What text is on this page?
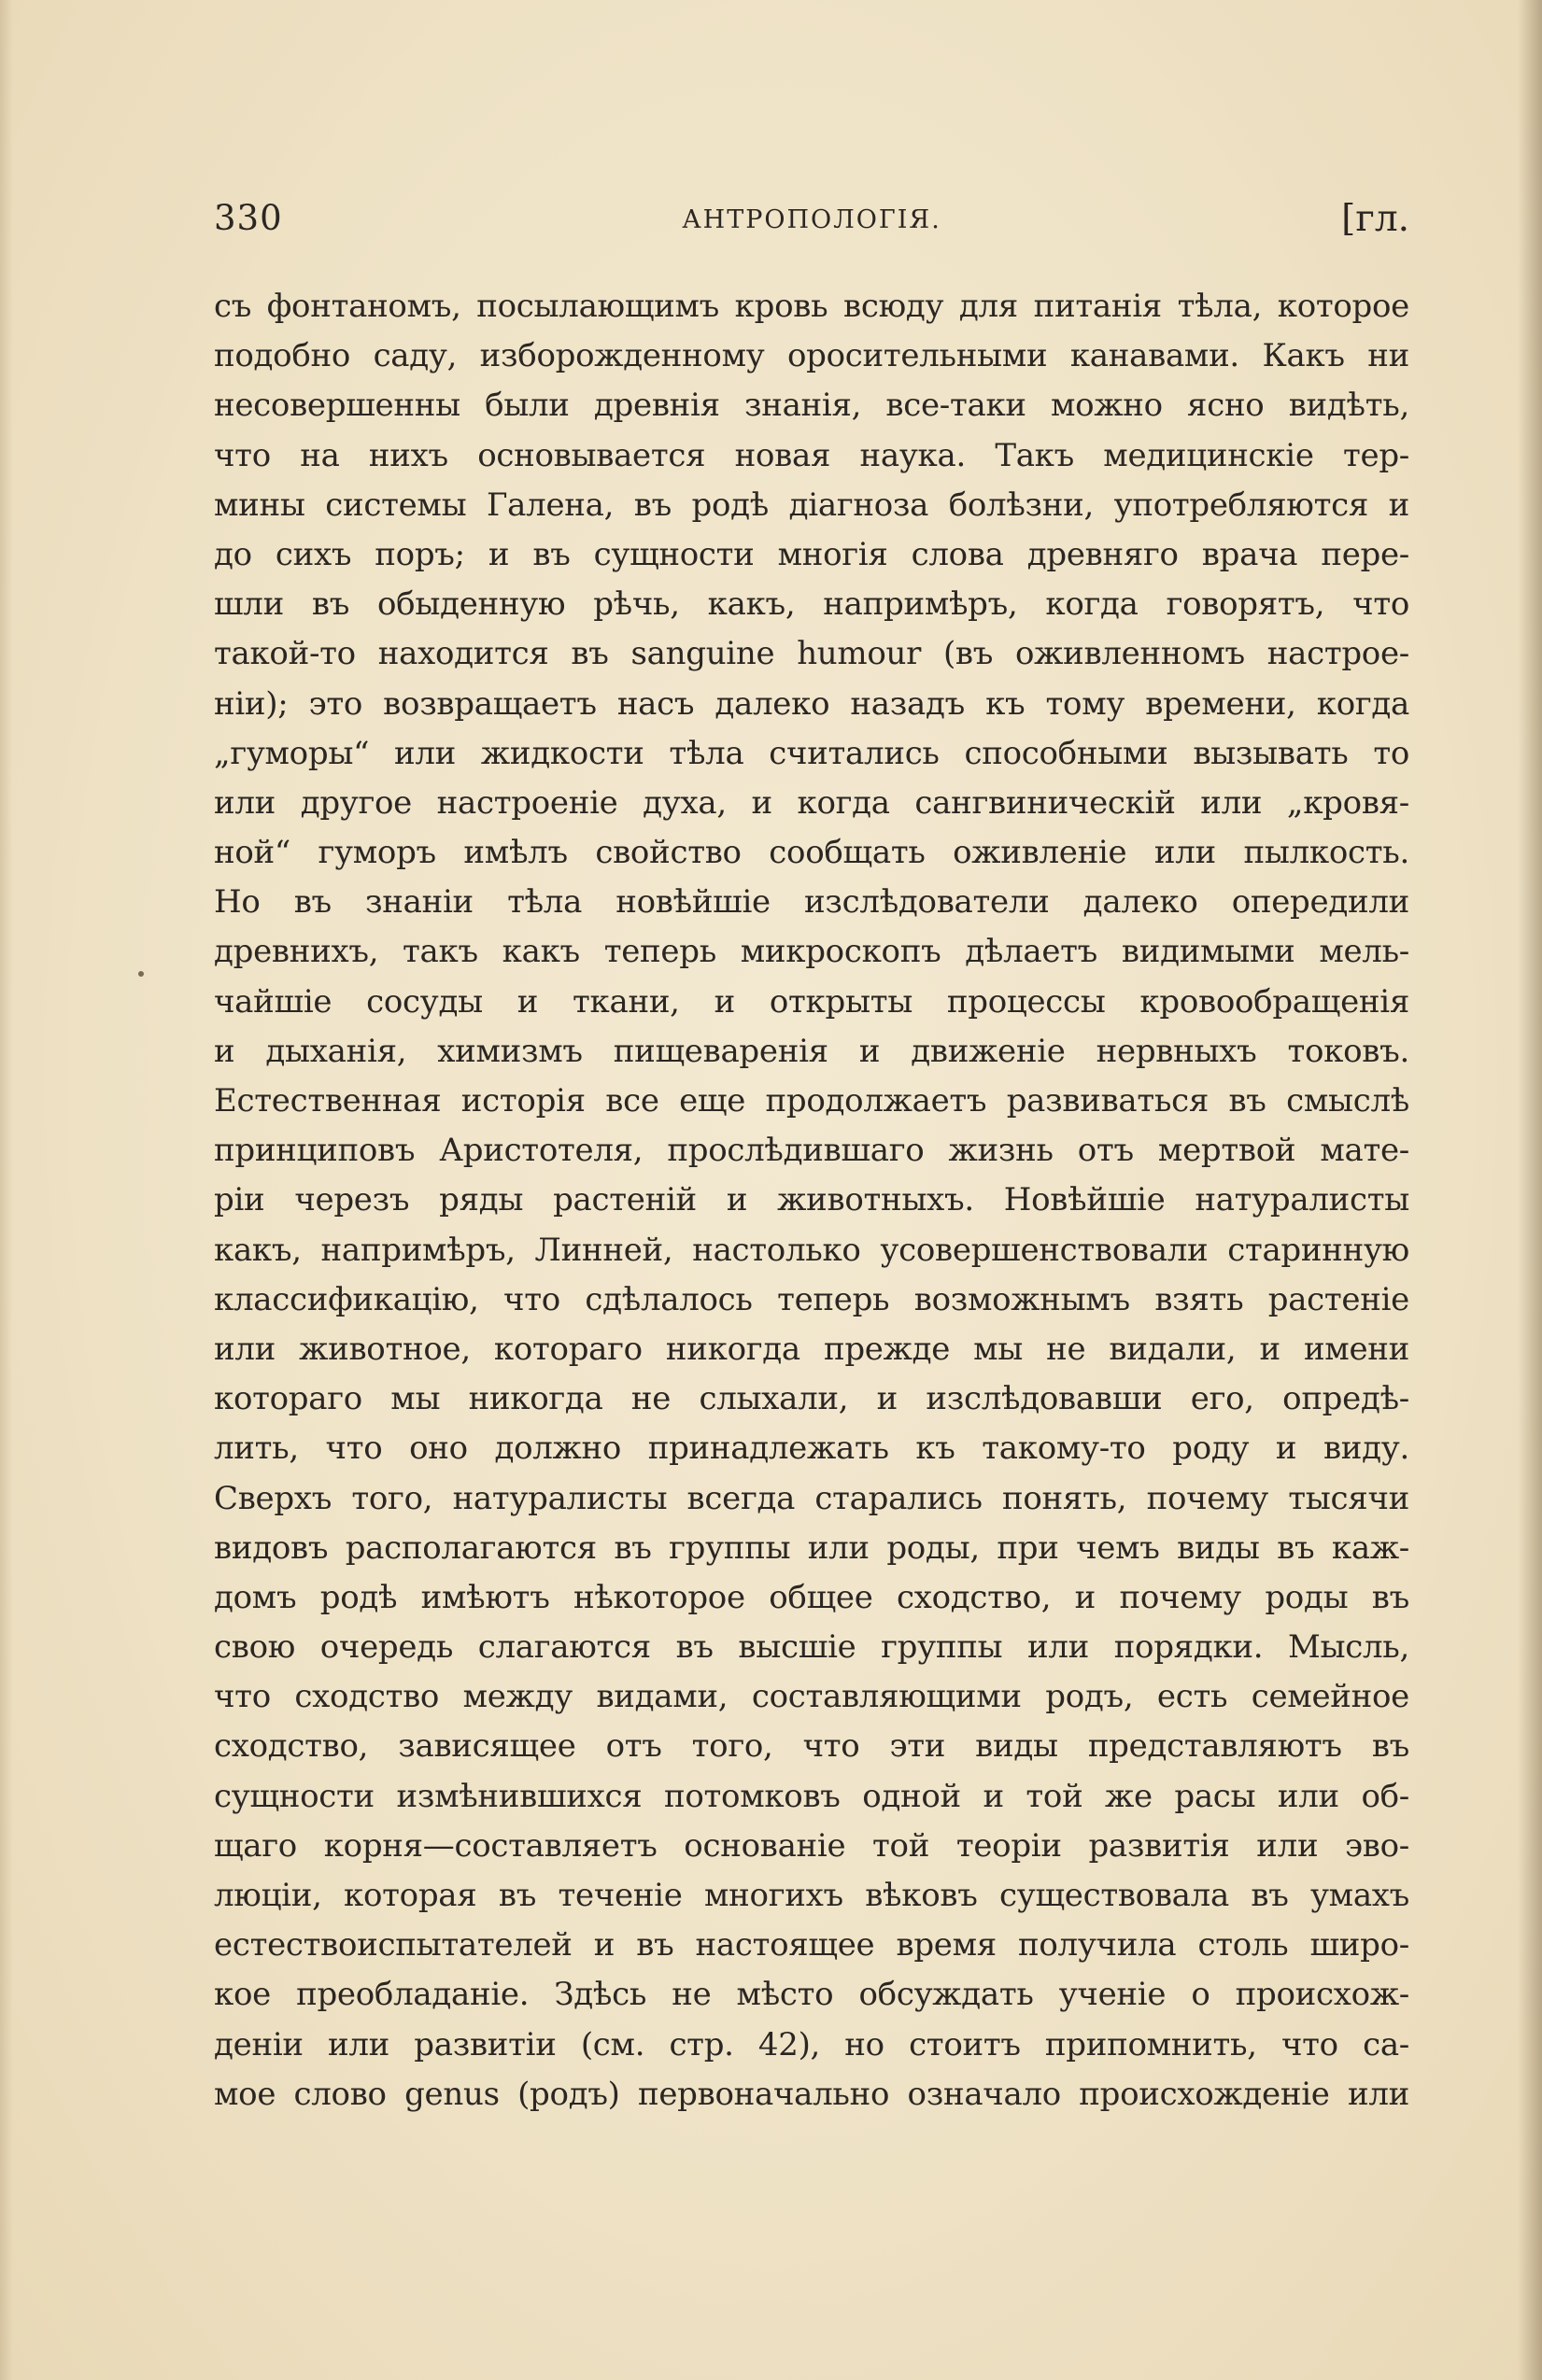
330	АНТРОПОЛОГІЯ.	[гл.
съ фонтаномъ, посылающимъ кровь всюду для питанія тѣла, которое
подобно саду, изборожденному оросительными канавами. Какъ ни
несовершенны были древнія знанія, все-таки можно ясно видѣть,
что на нихъ основывается новая наука. Такъ медицинскіе тер-
мины системы Галена, въ родѣ діагноза болѣзни, употребляются и
до сихъ поръ; и въ сущности многія слова древняго врача пере-
шли въ обыденную рѣчь, какъ, напримѣръ, когда говорятъ, что
такой-то находится въ sanguine humour (въ оживленномъ настрое-
ніи); это возвращаетъ насъ далеко назадъ къ тому времени, когда
„гуморы“ или жидкости тѣла считались способными вызывать то
или другое настроеніе духа, и когда сангвиническій или „кровя-
ной“ гуморъ имѣлъ свойство сообщать оживленіе или пылкость.
Но въ знаніи тѣла новѣйшіе изслѣдователи далеко опередили
древнихъ, такъ какъ теперь микроскопъ дѣлаетъ видимыми мель-
чайшіе сосуды и ткани, и открыты процессы кровообращенія
и дыханія, химизмъ пищеваренія и движеніе нервныхъ токовъ.
Естественная исторія все еще продолжаетъ развиваться въ смыслѣ
принциповъ Аристотеля, прослѣдившаго жизнь отъ мертвой мате-
ріи черезъ ряды растеній и животныхъ. Новѣйшіе натуралисты
какъ, напримѣръ, Линней, настолько усовершенствовали старинную
классификацію, что сдѣлалось теперь возможнымъ взять растеніе
или животное, котораго никогда прежде мы не видали, и имени
котораго мы никогда не слыхали, и изслѣдовавши его, опредѣ-
лить, что оно должно принадлежать къ такому-то роду и виду.
Сверхъ того, натуралисты всегда старались понять, почему тысячи
видовъ располагаются въ группы или роды, при чемъ виды въ каж-
домъ родѣ имѣютъ нѣкоторое общее сходство, и почему роды въ
свою очередь слагаются въ высшіе группы или порядки. Мысль,
что сходство между видами, составляющими родъ, есть семейное
сходство, зависящее отъ того, что эти виды представляютъ въ
сущности измѣнившихся потомковъ одной и той же расы или об-
щаго корня—составляетъ основаніе той теоріи развитія или эво-
люціи, которая въ теченіе многихъ вѣковъ существовала въ умахъ
естествоиспытателей и въ настоящее время получила столь широ-
кое преобладаніе. Здѣсь не мѣсто обсуждать ученіе о происхож-
деніи или развитіи (см. стр. 42), но стоитъ припомнить, что са-
мое слово genus (родъ) первоначально означало происхожденіе или
